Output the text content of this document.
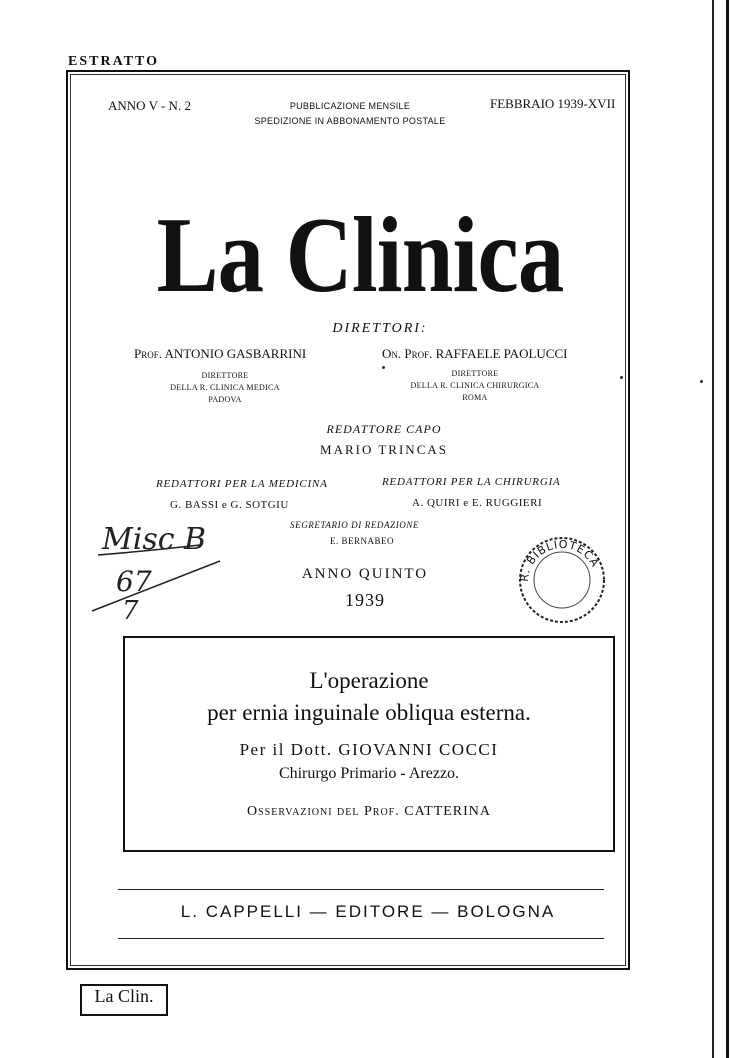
ESTRATTO
ANNO V - N. 2	PUBBLICAZIONE MENSILE
SPEDIZIONE IN ABBONAMENTO POSTALE
FEBBRAIO 1939-XVII
La Clinica
DIRETTORI:
Prof. ANTONIO GASBARRINI	On. Prof. RAFFAELE PAOLUCCI
DIRETTORE
DELLA R. CLINICA MEDICA
PADOVA
DIRETTORE
DELLA R. CLINICA CHIRURGICA
ROMA
REDATTORE CAPO
MARIO TRINCAS
REDATTORI PER LA MEDICINA	REDATTORI PER LA CHIRURGIA
G. BASSI e G. SOTGIU	A. QUIRI e E. RUGGIERI
SEGRETARIO DI REDAZIONE
E. BERNABEO
ANNO QUINTO
1939
Misc B
67
7
R. BIBLIOTECA
L'operazione
per ernia inguinale obliqua esterna.
Per il Dott. GIOVANNI COCCI
Chirurgo Primario - Arezzo.
Osservazioni del Prof. CATTERINA
L. CAPPELLI — EDITORE — BOLOGNA
La Clin.
